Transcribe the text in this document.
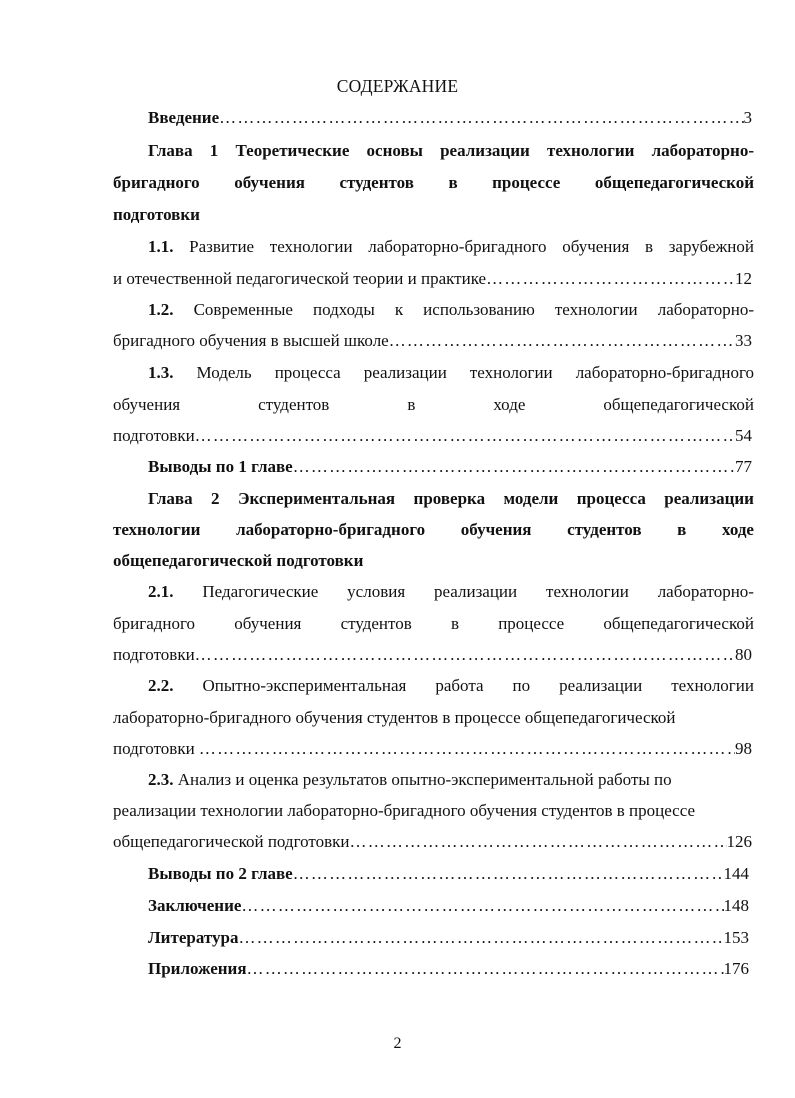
СОДЕРЖАНИЕ
Введение ………………………………………………………………………………………………………………………………………………………………	3
Глава 1 Теоретические основы реализации технологии лабораторно-
бригадного обучения студентов в процессе общепедагогической
подготовки
1.1. Развитие технологии лабораторно-бригадного обучения в зарубежной
и отечественной педагогической теории и практике ………………………………………………………………………………………………………………………………………………………………	12
1.2. Современные подходы к использованию технологии лабораторно-
бригадного обучения в высшей школе ………………………………………………………………………………………………………………………………………………………………	33
1.3. Модель процесса реализации технологии лабораторно-бригадного
обучения	студентов	в	ходе	общепедагогической
подготовки ………………………………………………………………………………………………………………………………………………………………	54
Выводы по 1 главе ………………………………………………………………………………………………………………………………………………………………	77
Глава 2 Экспериментальная проверка модели процесса реализации
технологии лабораторно-бригадного обучения студентов в ходе
общепедагогической подготовки
2.1. Педагогические условия реализации технологии лабораторно-
бригадного обучения студентов в процессе общепедагогической
подготовки ………………………………………………………………………………………………………………………………………………………………	80
2.2. Опытно-экспериментальная работа по реализации технологии
лабораторно-бригадного обучения студентов в процессе общепедагогической
подготовки ………………………………………………………………………………………………………………………………………………………………	98
2.3. Анализ и оценка результатов опытно-экспериментальной работы по
реализации технологии лабораторно-бригадного обучения студентов в процессе
общепедагогической подготовки ………………………………………………………………………………………………………………………………………………………………	126
Выводы по 2 главе ………………………………………………………………………………………………………………………………………………………………	144
Заключение ………………………………………………………………………………………………………………………………………………………………	148
Литература ………………………………………………………………………………………………………………………………………………………………	153
Приложения ………………………………………………………………………………………………………………………………………………………………	176
2
